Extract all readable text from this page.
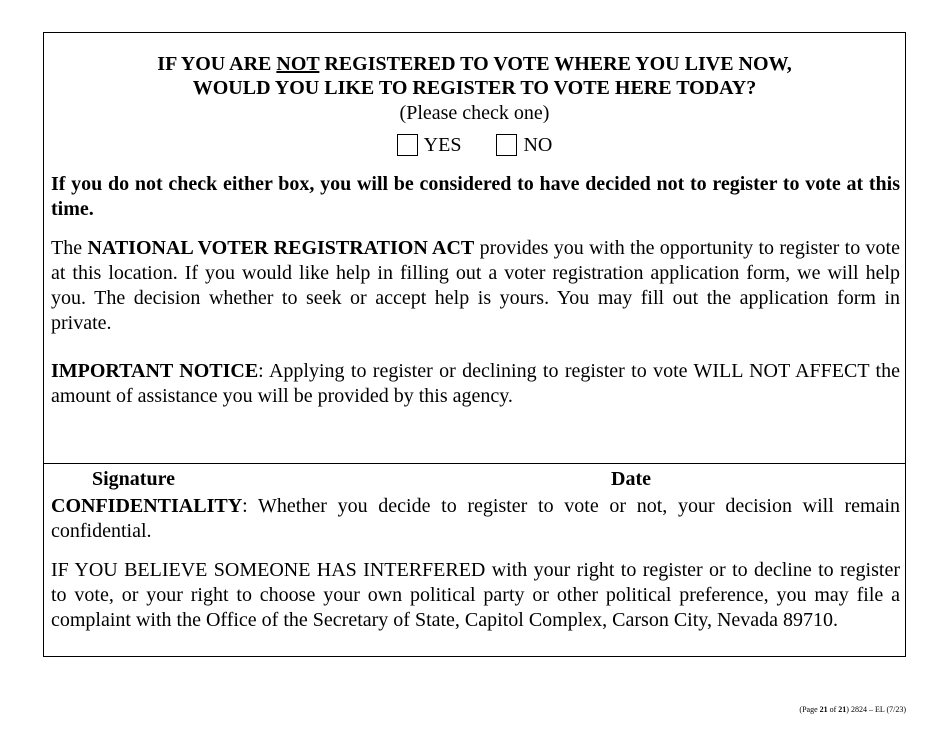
IF YOU ARE NOT REGISTERED TO VOTE WHERE YOU LIVE NOW,
WOULD YOU LIKE TO REGISTER TO VOTE HERE TODAY?
(Please check one)
YES
	NO

If you do not check either box, you will be considered to have decided not to register to vote at this time.

The NATIONAL VOTER REGISTRATION ACT provides you with the opportunity to register to vote at this location. If you would like help in filling out a voter registration application form, we will help you. The decision whether to seek or accept help is yours. You may fill out the application form in private.

IMPORTANT NOTICE: Applying to register or declining to register to vote WILL NOT AFFECT the amount of assistance you will be provided by this agency.

Signature	Date

CONFIDENTIALITY: Whether you decide to register to vote or not, your decision will remain confidential.

IF YOU BELIEVE SOMEONE HAS INTERFERED with your right to register or to decline to register to vote, or your right to choose your own political party or other political preference, you may file a complaint with the Office of the Secretary of State, Capitol Complex, Carson City, Nevada 89710.

(Page 21 of 21) 2824 – EL (7/23)
